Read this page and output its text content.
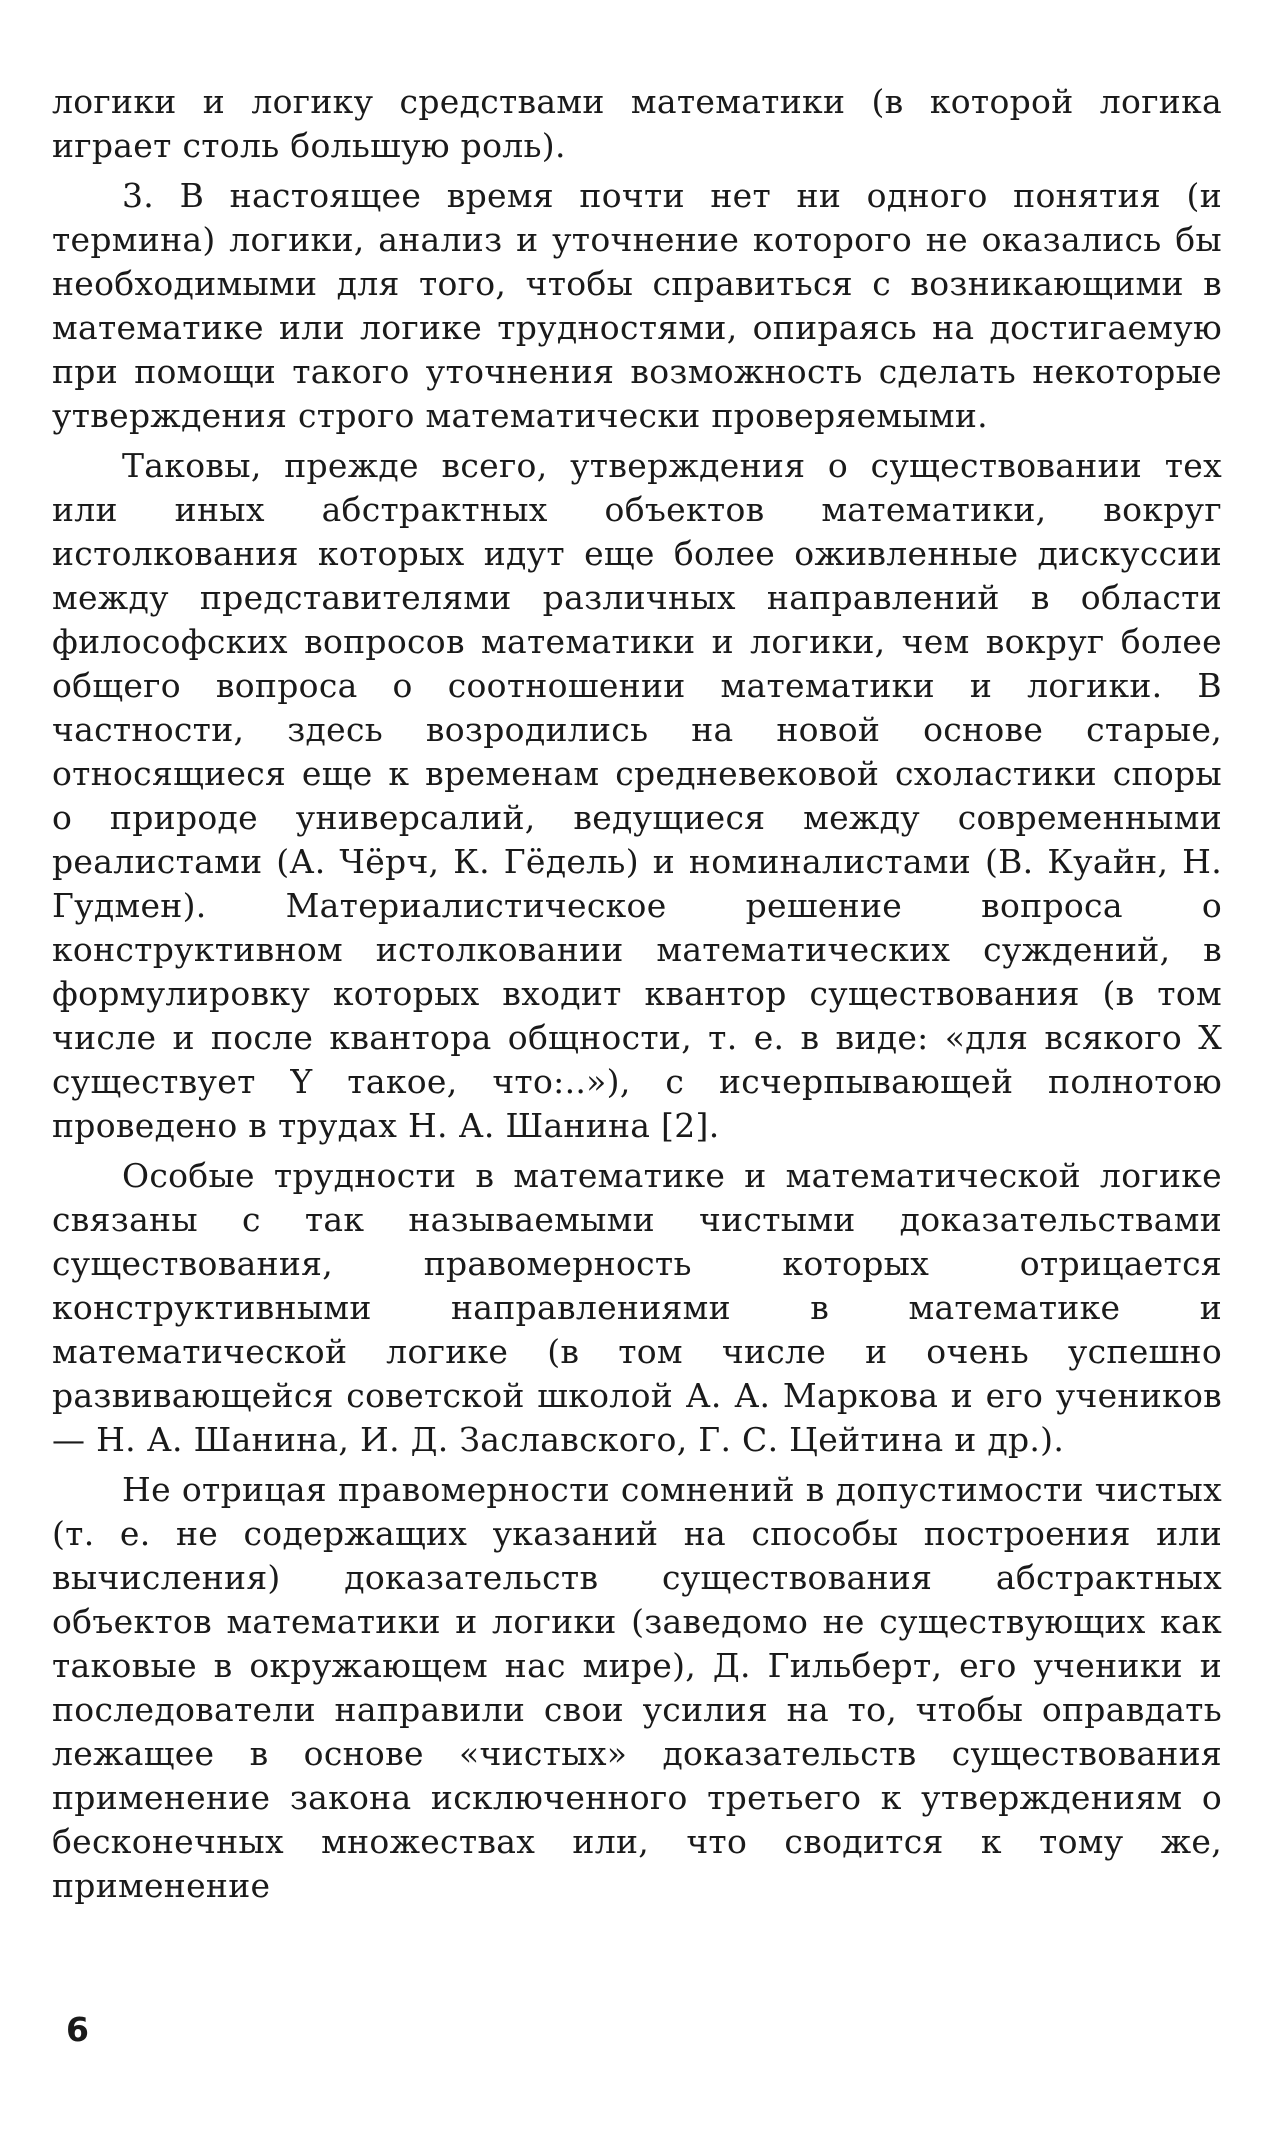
логики и логику средствами математики (в которой логика играет столь большую роль).

3. В настоящее время почти нет ни одного понятия (и термина) логики, анализ и уточнение которого не оказались бы необходимыми для того, чтобы справиться с возникающими в математике или логике трудностями, опираясь на достигаемую при помощи такого уточнения возможность сделать некоторые утверждения строго математически проверяемыми.

Таковы, прежде всего, утверждения о существовании тех или иных абстрактных объектов математики, вокруг истолкования которых идут еще более оживленные дискуссии между представителями различных направлений в области философских вопросов математики и логики, чем вокруг более общего вопроса о соотношении математики и логики. В частности, здесь возродились на новой основе старые, относящиеся еще к временам средневековой схоластики споры о природе универсалий, ведущиеся между современными реалистами (А. Чёрч, К. Гёдель) и номиналистами (В. Куайн, Н. Гудмен). Материалистическое решение вопроса о конструктивном истолковании математических суждений, в формулировку которых входит квантор существования (в том числе и после квантора общности, т. е. в виде: «для всякого X существует Y такое, что:..»), с исчерпывающей полнотою проведено в трудах Н. А. Шанина [2].

Особые трудности в математике и математической логике связаны с так называемыми чистыми доказательствами существования, правомерность которых отрицается конструктивными направлениями в математике и математической логике (в том числе и очень успешно развивающейся советской школой А. А. Маркова и его учеников — Н. А. Шанина, И. Д. Заславского, Г. С. Цейтина и др.).

Не отрицая правомерности сомнений в допустимости чистых (т. е. не содержащих указаний на способы построения или вычисления) доказательств существования абстрактных объектов математики и логики (заведомо не существующих как таковые в окружающем нас мире), Д. Гильберт, его ученики и последователи направили свои усилия на то, чтобы оправдать лежащее в основе «чистых» доказательств существования применение закона исключенного третьего к утверждениям о бесконечных множествах или, что сводится к тому же, применение

6
